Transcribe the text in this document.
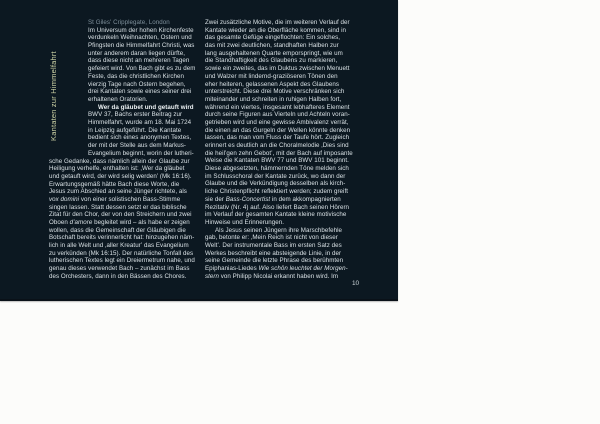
Kantaten zur Himmelfahrt
St Giles' Cripplegate, London
Im Universum der hohen Kirchenfeste
verdunkeln Weihnachten, Ostern und
Pfingsten die Himmelfahrt Christi, was
unter anderem daran liegen dürfte,
dass diese nicht an mehreren Tagen
gefeiert wird. Von Bach gibt es zu dem
Feste, das die christlichen Kirchen
vierzig Tage nach Ostern begehen,
drei Kantaten sowie eines seiner drei
erhaltenen Oratorien.
Wer da gläubet und getauft wird
BWV 37, Bachs erster Beitrag zur
Himmelfahrt, wurde am 18. Mai 1724
in Leipzig aufgeführt. Die Kantate
bedient sich eines anonymen Textes,
der mit der Stelle aus dem Markus-
Evangelium beginnt, worin der lutheri-
sche Gedanke, dass nämlich allein der Glaube zur
Heiligung verhelfe, enthalten ist: ‚Wer da gläubet
und getauft wird, der wird selig werden’ (Mk 16:16).
Erwartungsgemäß hätte Bach diese Worte, die
Jesus zum Abschied an seine Jünger richtete, als
vox domini von einer solistischen Bass-Stimme
singen lassen. Statt dessen setzt er das biblische
Zitat für den Chor, der von den Streichern und zwei
Oboen d’amore begleitet wird – als habe er zeigen
wollen, dass die Gemeinschaft der Gläubigen die
Botschaft bereits verinnerlicht hat: hinzugehen näm-
lich in alle Welt und ‚aller Kreatur’ das Evangelium
zu verkünden (Mk 16:15). Der natürliche Tonfall des
lutherischen Textes legt ein Dreiermetrum nahe, und
genau dieses verwendet Bach – zunächst im Bass
des Orchesters, dann in den Bässen des Chores.
Zwei zusätzliche Motive, die im weiteren Verlauf der
Kantate wieder an die Oberfläche kommen, sind in
das gesamte Gefüge eingeflochten: Ein solches,
das mit zwei deutlichen, standhaften Halben zur
lang ausgehaltenen Quarte emporspringt, wie um
die Standhaftigkeit des Glaubens zu markieren,
sowie ein zweites, das im Duktus zwischen Menuett
und Walzer mit lindernd-graziöseren Tönen den
eher heiteren, gelassenen Aspekt des Glaubens
unterstreicht. Diese drei Motive verschränken sich
miteinander und schreiten in ruhigen Halben fort,
während ein viertes, insgesamt lebhafteres Element
durch seine Figuren aus Vierteln und Achteln voran-
getrieben wird und eine gewisse Ambivalenz verrät,
die einen an das Gurgeln der Wellen könnte denken
lassen, das man vom Fluss der Taufe hört. Zugleich
erinnert es deutlich an die Choralmelodie ‚Dies sind
die heil’gen zehn Gebot’, mit der Bach auf imposante
Weise die Kantaten BWV 77 und BWV 101 beginnt.
Diese abgesetzten, hämmernden Töne melden sich
im Schlusschoral der Kantate zurück, wo dann der
Glaube und die Verkündigung desselben als kirch-
liche Christenpflicht reflektiert werden; zudem greift
sie der Bass-Concertist in dem akkompagnierten
Rezitativ (Nr. 4) auf. Also liefert Bach seinen Hörern
im Verlauf der gesamten Kantate kleine motivische
Hinweise und Erinnerungen.
Als Jesus seinen Jüngern ihre Marschbefehle
gab, betonte er: ‚Mein Reich ist nicht von dieser
Welt’. Der instrumentale Bass im ersten Satz des
Werkes beschreibt eine absteigende Linie, in der
seine Gemeinde die letzte Phrase des berühmten
Epiphanias-Liedes Wie schön leuchtet der Morgen-
stern von Philipp Nicolai erkannt haben wird. Im
10
